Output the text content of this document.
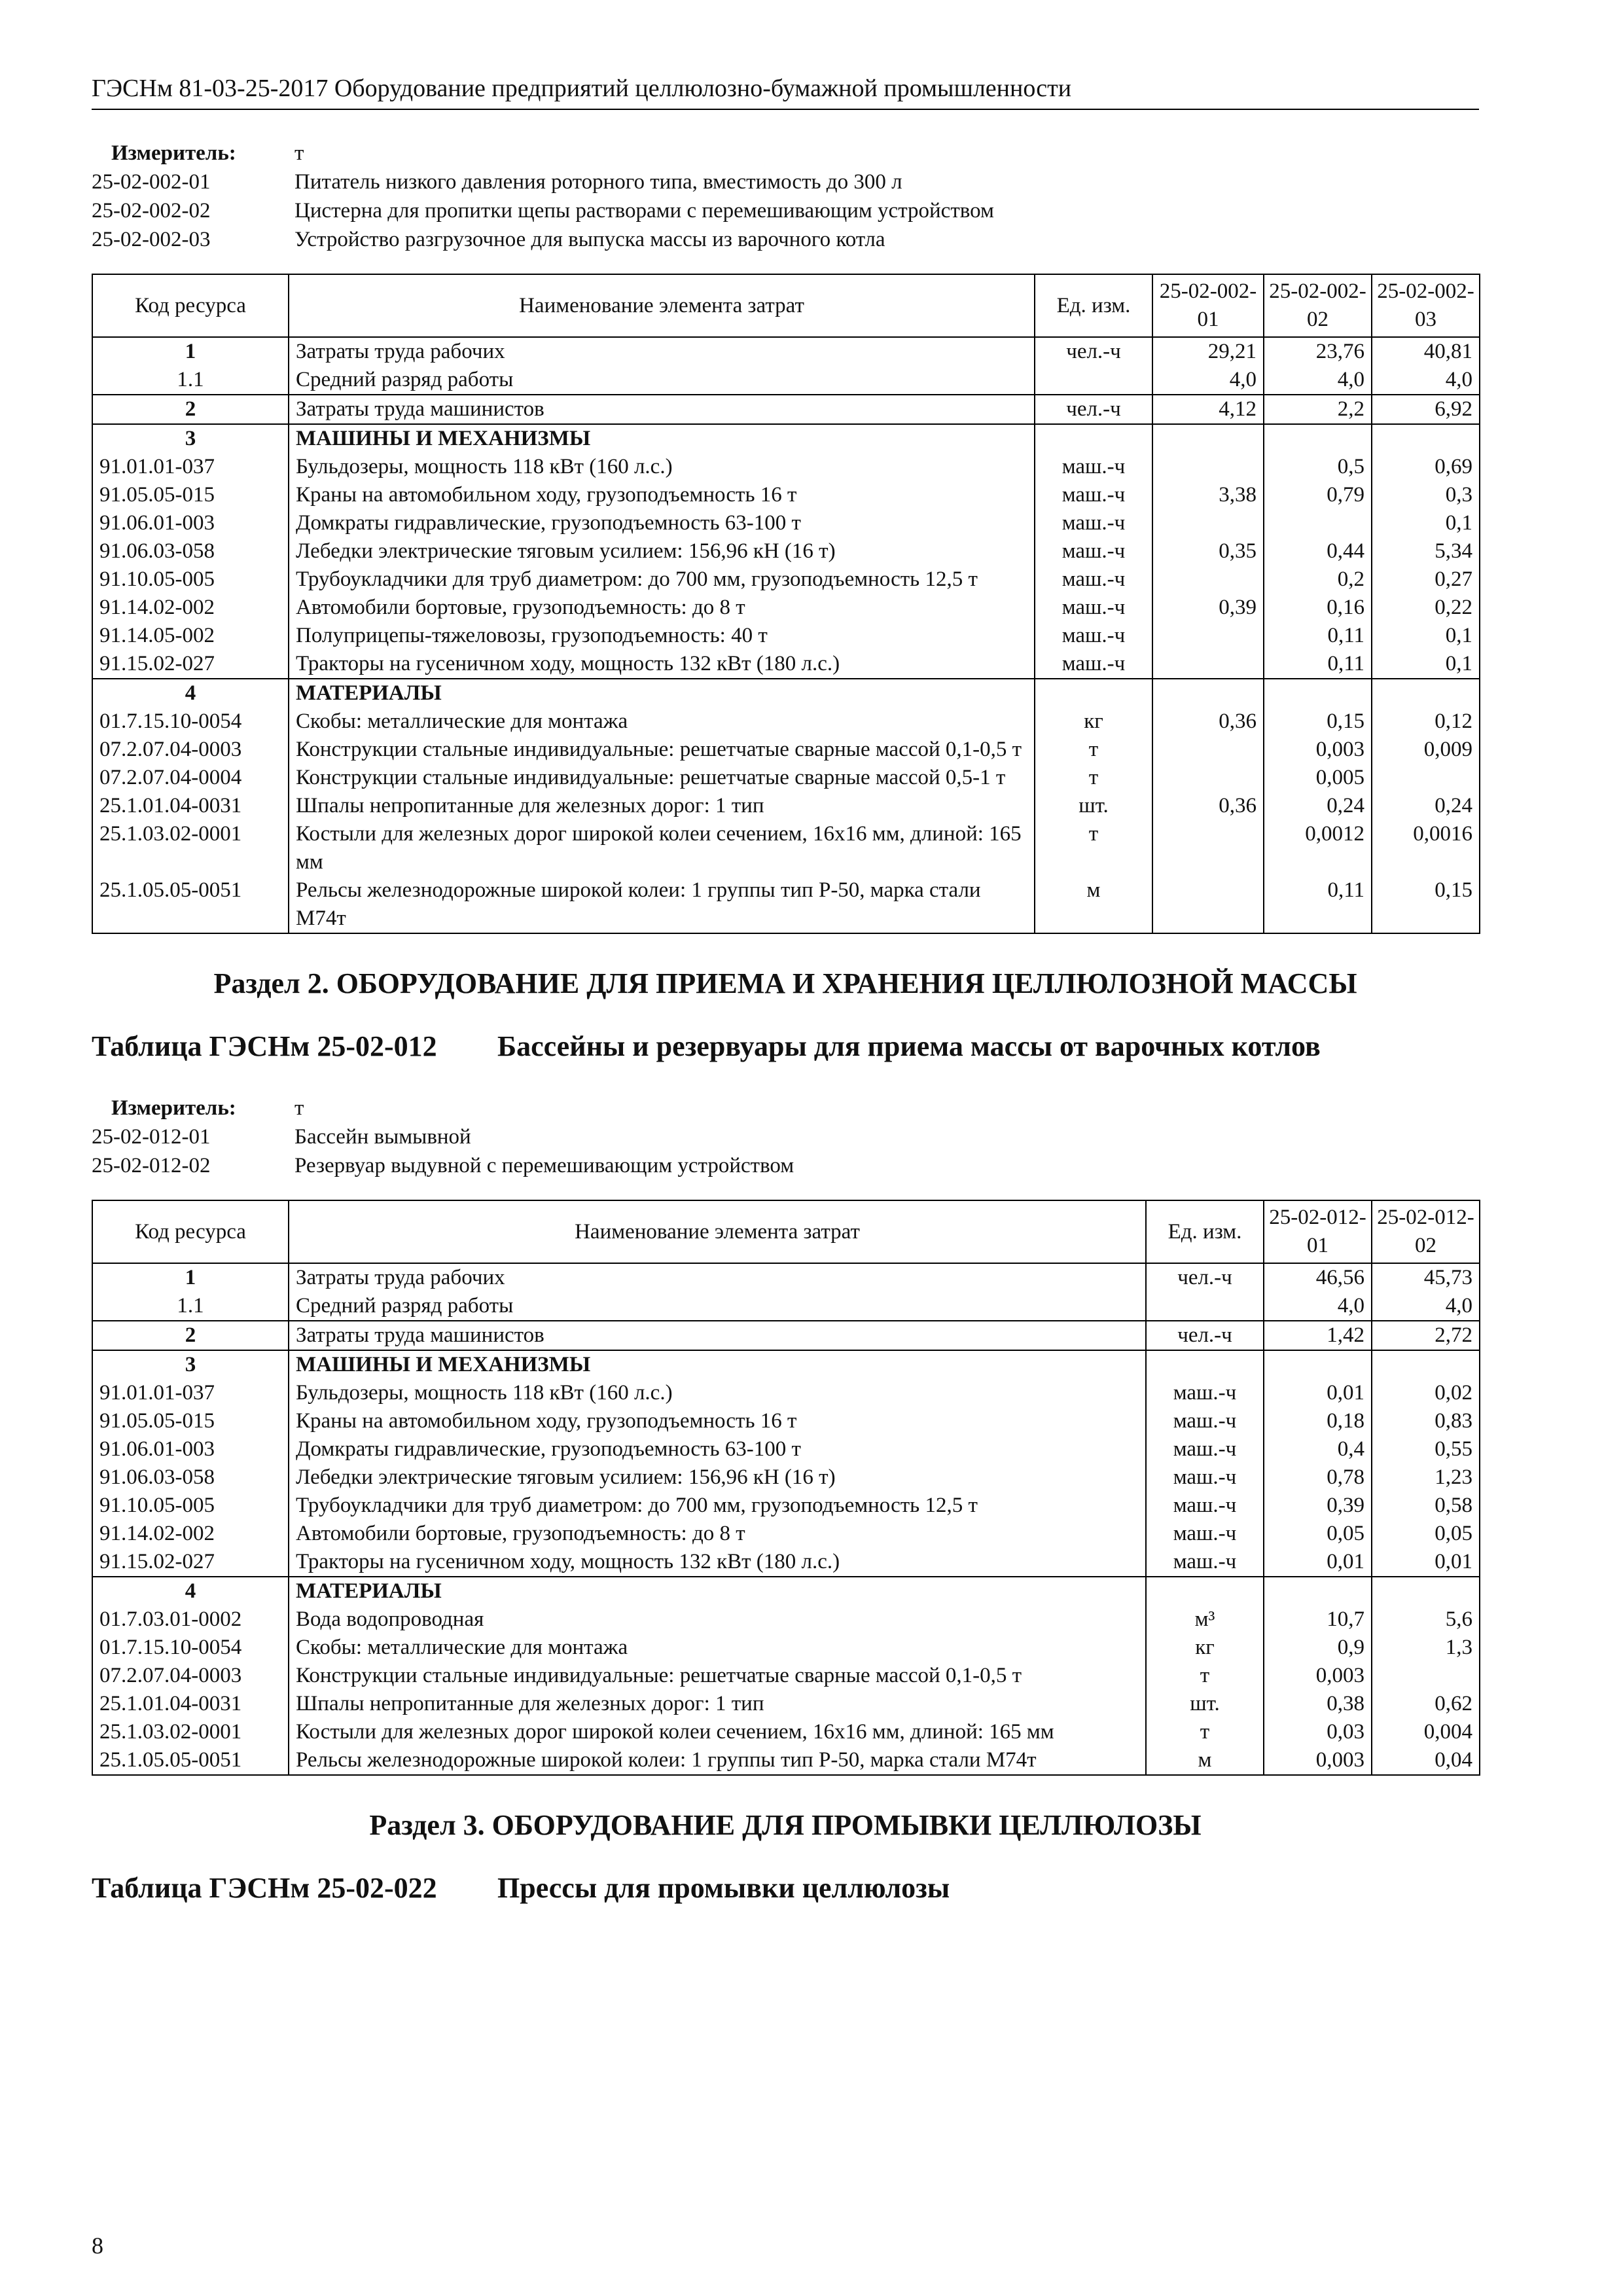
ГЭСНм 81-03-25-2017 Оборудование предприятий целлюлозно-бумажной промышленности
Измеритель:	т
25-02-002-01	Питатель низкого давления роторного типа, вместимость до 300 л
25-02-002-02	Цистерна для пропитки щепы растворами с перемешивающим устройством
25-02-002-03	Устройство разгрузочное для выпуска массы из варочного котла
Код ресурса	Наименование элемента затрат	Ед. изм.	25-02-002-01	25-02-002-02	25-02-002-03
1	Затраты труда рабочих	чел.-ч	29,21	23,76	40,81
1.1	Средний разряд работы		4,0	4,0	4,0
2	Затраты труда машинистов	чел.-ч	4,12	2,2	6,92
3	МАШИНЫ И МЕХАНИЗМЫ				
91.01.01-037	Бульдозеры, мощность 118 кВт (160 л.с.)	маш.-ч		0,5	0,69
91.05.05-015	Краны на автомобильном ходу, грузоподъемность 16 т	маш.-ч	3,38	0,79	0,3
91.06.01-003	Домкраты гидравлические, грузоподъемность 63-100 т	маш.-ч			0,1
91.06.03-058	Лебедки электрические тяговым усилием: 156,96 кН (16 т)	маш.-ч	0,35	0,44	5,34
91.10.05-005	Трубоукладчики для труб диаметром: до 700 мм, грузоподъемность 12,5 т	маш.-ч		0,2	0,27
91.14.02-002	Автомобили бортовые, грузоподъемность: до 8 т	маш.-ч	0,39	0,16	0,22
91.14.05-002	Полуприцепы-тяжеловозы, грузоподъемность: 40 т	маш.-ч		0,11	0,1
91.15.02-027	Тракторы на гусеничном ходу, мощность 132 кВт (180 л.с.)	маш.-ч		0,11	0,1
4	МАТЕРИАЛЫ				
01.7.15.10-0054	Скобы: металлические для монтажа	кг	0,36	0,15	0,12
07.2.07.04-0003	Конструкции стальные индивидуальные: решетчатые сварные массой 0,1-0,5 т	т		0,003	0,009
07.2.07.04-0004	Конструкции стальные индивидуальные: решетчатые сварные массой 0,5-1 т	т		0,005	
25.1.01.04-0031	Шпалы непропитанные для железных дорог: 1 тип	шт.	0,36	0,24	0,24
25.1.03.02-0001	Костыли для железных дорог широкой колеи сечением, 16х16 мм, длиной: 165 мм	т		0,0012	0,0016
25.1.05.05-0051	Рельсы железнодорожные широкой колеи: 1 группы тип Р-50, марка стали М74т	м		0,11	0,15
Раздел 2. ОБОРУДОВАНИЕ ДЛЯ ПРИЕМА И ХРАНЕНИЯ ЦЕЛЛЮЛОЗНОЙ МАССЫ
Таблица ГЭСНм 25-02-012	Бассейны и резервуары для приема массы от варочных котлов
Измеритель:	т
25-02-012-01	Бассейн вымывной
25-02-012-02	Резервуар выдувной с перемешивающим устройством
Код ресурса	Наименование элемента затрат	Ед. изм.	25-02-012-01	25-02-012-02
1	Затраты труда рабочих	чел.-ч	46,56	45,73
1.1	Средний разряд работы		4,0	4,0
2	Затраты труда машинистов	чел.-ч	1,42	2,72
3	МАШИНЫ И МЕХАНИЗМЫ			
91.01.01-037	Бульдозеры, мощность 118 кВт (160 л.с.)	маш.-ч	0,01	0,02
91.05.05-015	Краны на автомобильном ходу, грузоподъемность 16 т	маш.-ч	0,18	0,83
91.06.01-003	Домкраты гидравлические, грузоподъемность 63-100 т	маш.-ч	0,4	0,55
91.06.03-058	Лебедки электрические тяговым усилием: 156,96 кН (16 т)	маш.-ч	0,78	1,23
91.10.05-005	Трубоукладчики для труб диаметром: до 700 мм, грузоподъемность 12,5 т	маш.-ч	0,39	0,58
91.14.02-002	Автомобили бортовые, грузоподъемность: до 8 т	маш.-ч	0,05	0,05
91.15.02-027	Тракторы на гусеничном ходу, мощность 132 кВт (180 л.с.)	маш.-ч	0,01	0,01
4	МАТЕРИАЛЫ			
01.7.03.01-0002	Вода водопроводная	м³	10,7	5,6
01.7.15.10-0054	Скобы: металлические для монтажа	кг	0,9	1,3
07.2.07.04-0003	Конструкции стальные индивидуальные: решетчатые сварные массой 0,1-0,5 т	т	0,003	
25.1.01.04-0031	Шпалы непропитанные для железных дорог: 1 тип	шт.	0,38	0,62
25.1.03.02-0001	Костыли для железных дорог широкой колеи сечением, 16х16 мм, длиной: 165 мм	т	0,03	0,004
25.1.05.05-0051	Рельсы железнодорожные широкой колеи: 1 группы тип Р-50, марка стали М74т	м	0,003	0,04
Раздел 3. ОБОРУДОВАНИЕ ДЛЯ ПРОМЫВКИ ЦЕЛЛЮЛОЗЫ
Таблица ГЭСНм 25-02-022	Прессы для промывки целлюлозы
8
